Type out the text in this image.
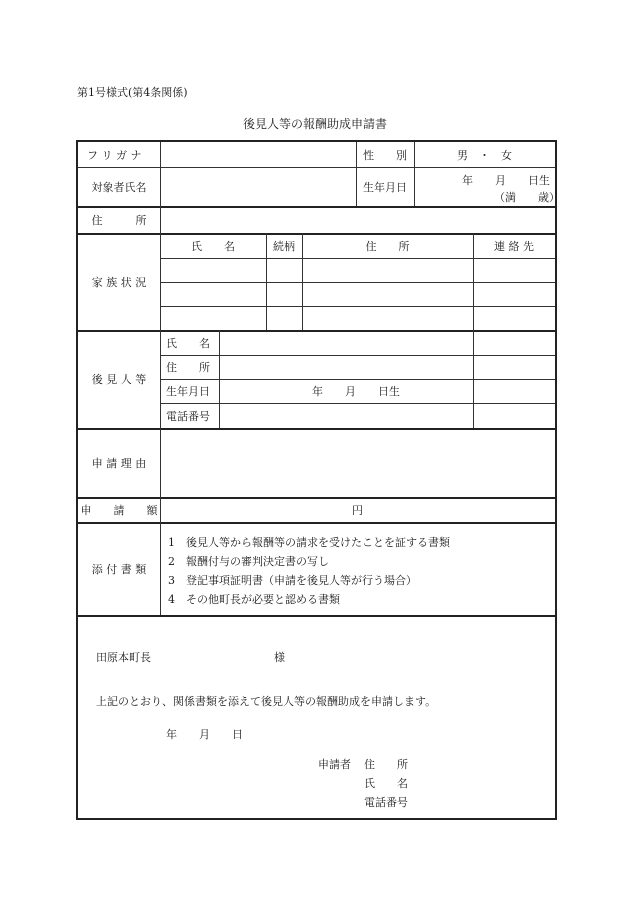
第1号様式(第4条関係)
後見人等の報酬助成申請書
フ リ ガ ナ	性　　別	男　・　女
対象者氏名	生年月日	年　　月　　日生
（満　　歳）
住　　　所
家 族 状 況
氏　　名	続柄	住　　所	連 絡 先
後 見 人 等
氏　　名
住　　所
生年月日	年　　月　　日生
電話番号
申 請 理 由
申　　請　　額	円
添 付 書 類
1　後見人等から報酬等の請求を受けたことを証する書類
2　報酬付与の審判決定書の写し
3　登記事項証明書（申請を後見人等が行う場合）
4　その他町長が必要と認める書類
田原本町長	様
上記のとおり、関係書類を添えて後見人等の報酬助成を申請します。
年　　月　　日
申請者 住　　所
氏　　名
電話番号
